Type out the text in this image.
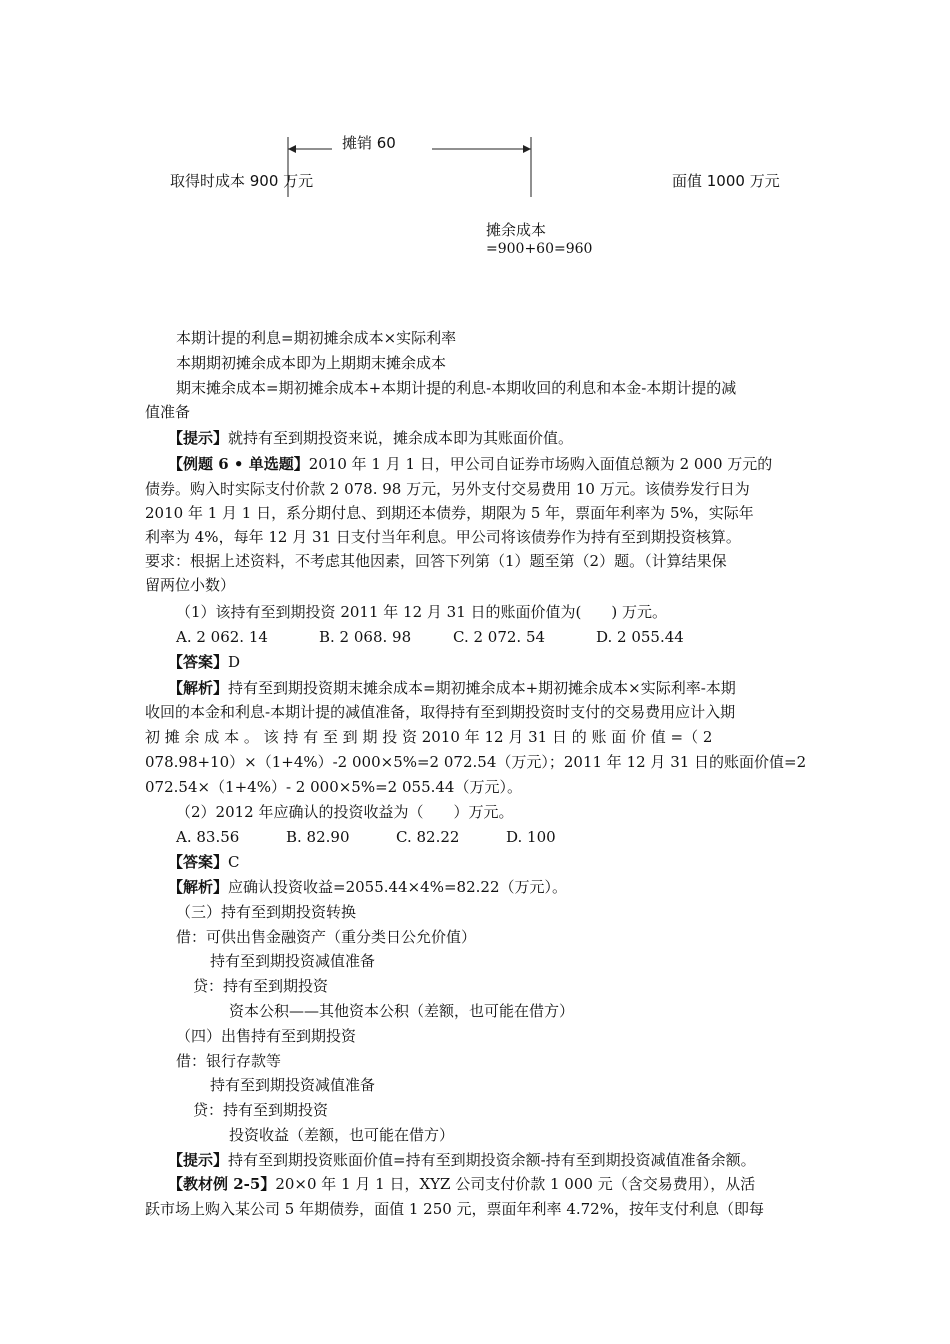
摊销 60
取得时成本 900 万元	面值 1000 万元
摊余成本
=900+60=960
本期计提的利息=期初摊余成本×实际利率
本期期初摊余成本即为上期期末摊余成本
期末摊余成本=期初摊余成本+本期计提的利息-本期收回的利息和本金-本期计提的减
值准备
【提示】就持有至到期投资来说，摊余成本即为其账面价值。
【例题 6 • 单选题】2010 年 1 月 1 日，甲公司自证券市场购入面值总额为 2 000 万元的
债券。购入时实际支付价款 2 078. 98 万元，另外支付交易费用 10 万元。该债券发行日为
2010 年 1 月 1 日，系分期付息、到期还本债券，期限为 5 年，票面年利率为 5%，实际年
利率为 4%，每年 12 月 31 日支付当年利息。甲公司将该债券作为持有至到期投资核算。
要求：根据上述资料，不考虑其他因素，回答下列第（1）题至第（2）题。（计算结果保
留两位小数）
（1）该持有至到期投资 2011 年 12 月 31 日的账面价值为(　　) 万元。
A. 2 062. 14	B. 2 068. 98	C. 2 072. 54	D. 2 055.44
【答案】D
【解析】持有至到期投资期末摊余成本=期初摊余成本+期初摊余成本×实际利率-本期
收回的本金和利息-本期计提的减值准备，取得持有至到期投资时支付的交易费用应计入期
初 摊 余 成 本 。 该 持 有 至 到 期 投 资 2010 年 12 月 31 日 的 账 面 价 值 =（ 2
078.98+10）×（1+4%）-2 000×5%=2 072.54（万元）；2011 年 12 月 31 日的账面价值=2
072.54×（1+4%）- 2 000×5%=2 055.44（万元）。
（2）2012 年应确认的投资收益为（　　）万元。
A. 83.56	B. 82.90	C. 82.22	D. 100
【答案】C
【解析】应确认投资收益=2055.44×4%=82.22（万元）。
（三）持有至到期投资转换
借：可供出售金融资产（重分类日公允价值）
持有至到期投资减值准备
贷：持有至到期投资
资本公积——其他资本公积（差额，也可能在借方）
（四）出售持有至到期投资
借：银行存款等
持有至到期投资减值准备
贷：持有至到期投资
投资收益（差额，也可能在借方）
【提示】持有至到期投资账面价值=持有至到期投资余额-持有至到期投资减值准备余额。
【教材例 2-5】20×0 年 1 月 1 日，XYZ 公司支付价款 1 000 元（含交易费用），从活
跃市场上购入某公司 5 年期债券，面值 1 250 元，票面年利率 4.72%，按年支付利息（即每
